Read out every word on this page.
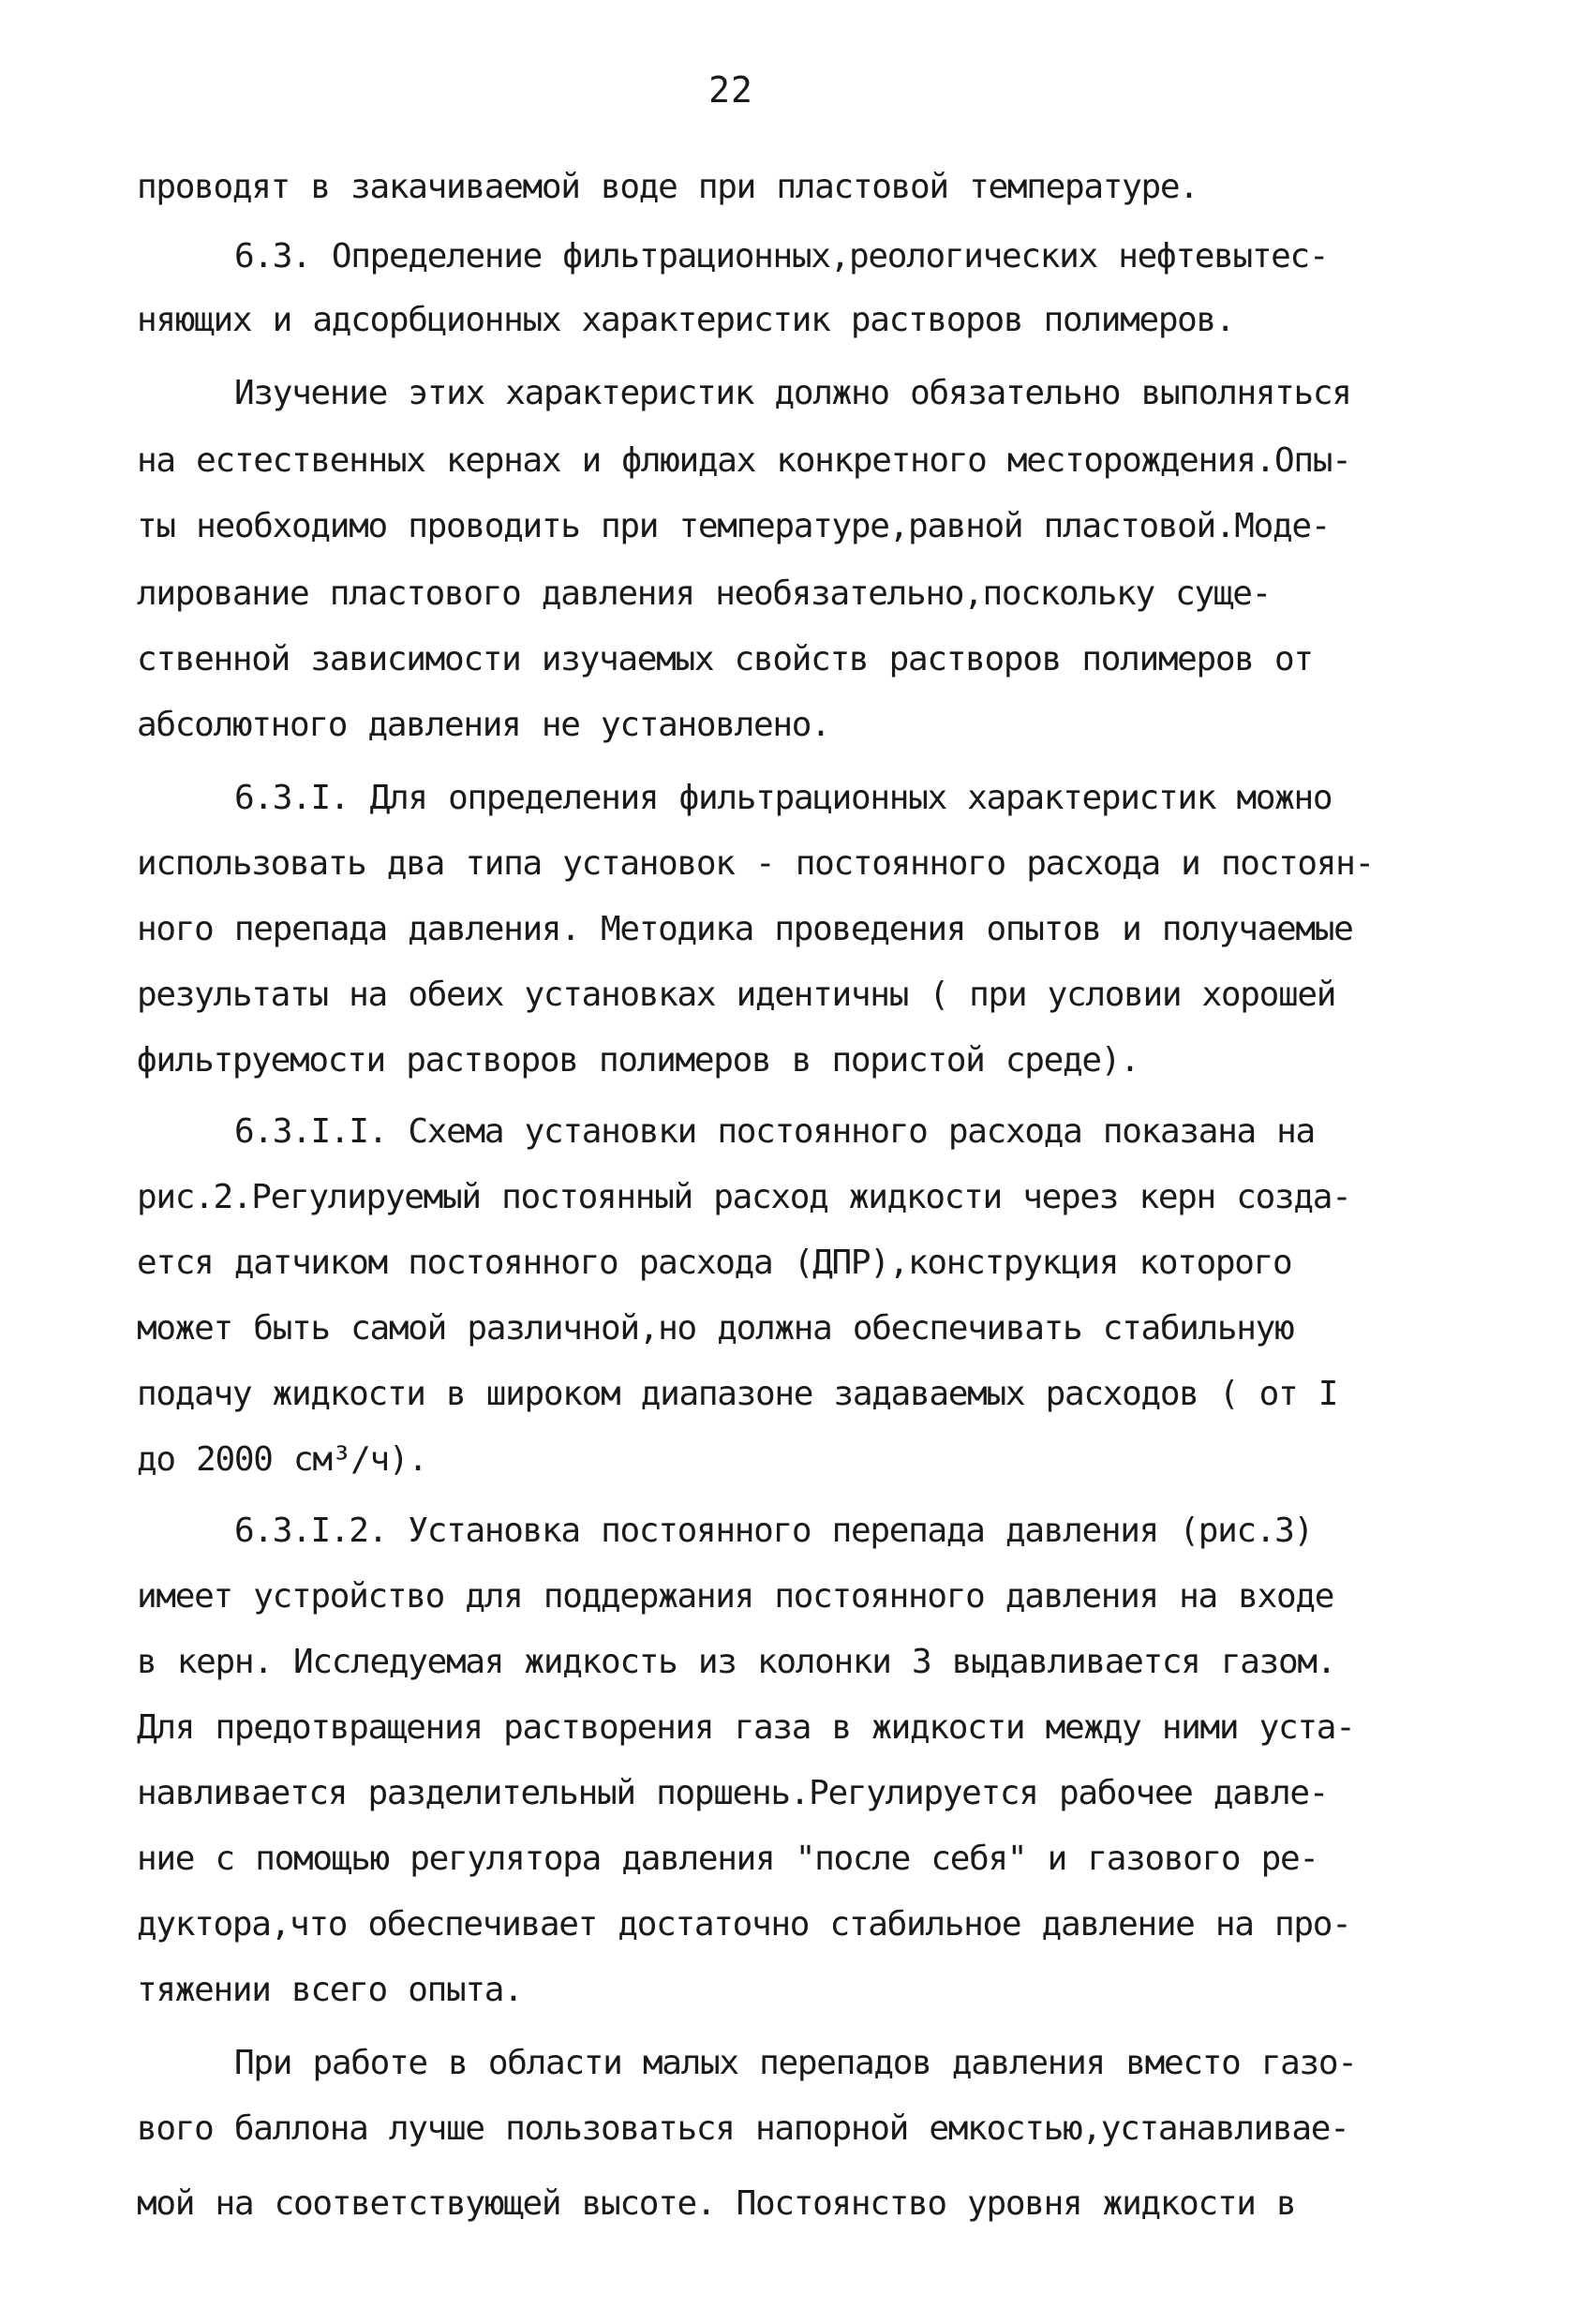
22
проводят в закачиваемой воде при пластовой температуре.
6.3. Определение фильтрационных,реологических нефтевытес-
няющих и адсорбционных характеристик растворов полимеров.
Изучение этих характеристик должно обязательно выполняться
на естественных кернах и флюидах конкретного месторождения.Опы-
ты необходимо проводить при температуре,равной пластовой.Моде-
лирование пластового давления необязательно,поскольку суще-
ственной зависимости изучаемых свойств растворов полимеров от
абсолютного давления не установлено.
6.3.I. Для определения фильтрационных характеристик можно
использовать два типа установок - постоянного расхода и постоян-
ного перепада давления. Методика проведения опытов и получаемые
результаты на обеих установках идентичны ( при условии хорошей
фильтруемости растворов полимеров в пористой среде).
6.3.I.I. Схема установки постоянного расхода показана на
рис.2.Регулируемый постоянный расход жидкости через керн созда-
ется датчиком постоянного расхода (ДПР),конструкция которого
может быть самой различной,но должна обеспечивать стабильную
подачу жидкости в широком диапазоне задаваемых расходов ( от I
до 2000 см³/ч).
6.3.I.2. Установка постоянного перепада давления (рис.3)
имеет устройство для поддержания постоянного давления на входе
в керн. Исследуемая жидкость из колонки 3 выдавливается газом.
Для предотвращения растворения газа в жидкости между ними уста-
навливается разделительный поршень.Регулируется рабочее давле-
ние с помощью регулятора давления "после себя" и газового ре-
дуктора,что обеспечивает достаточно стабильное давление на про-
тяжении всего опыта.
При работе в области малых перепадов давления вместо газо-
вого баллона лучше пользоваться напорной емкостью,устанавливае-
мой на соответствующей высоте. Постоянство уровня жидкости в
